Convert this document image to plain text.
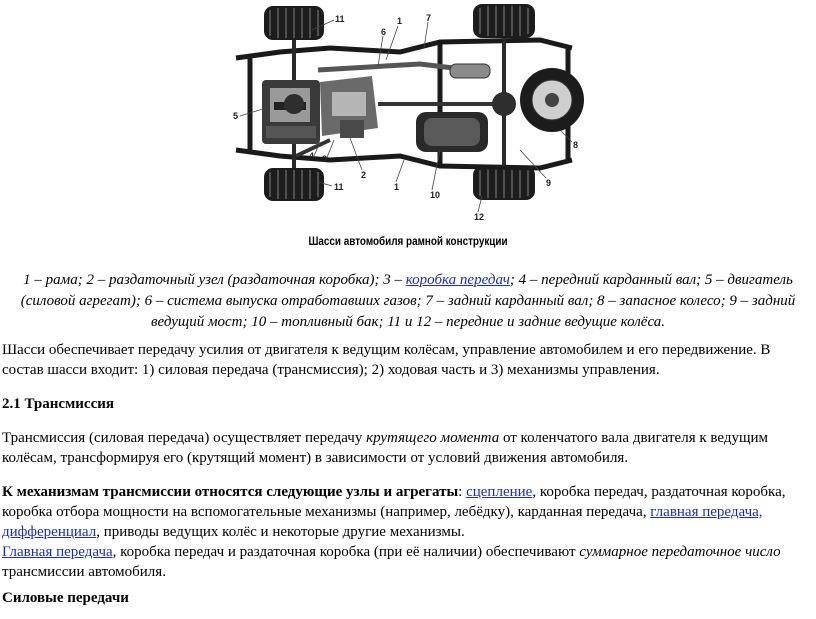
11	1	7
6
5
4 3
2
1
10
12
11
8
9
Шасси автомобиля рамной конструкции
1 – рама; 2 – раздаточный узел (раздаточная коробка); 3 – коробка передач; 4 – передний карданный вал; 5 – двигатель (силовой агрегат); 6 – система выпуска отработавших газов; 7 – задний карданный вал; 8 – запасное колесо; 9 – задний ведущий мост; 10 – топливный бак; 11 и 12 – передние и задние ведущие колёса.
Шасси обеспечивает передачу усилия от двигателя к ведущим колёсам, управление автомобилем и его передвижение. В состав шасси входит: 1) силовая передача (трансмиссия); 2) ходовая часть и 3) механизмы управления.
2.1 Трансмиссия
Трансмиссия (силовая передача) осуществляет передачу крутящего момента от коленчатого вала двигателя к ведущим колёсам, трансформируя его (крутящий момент) в зависимости от условий движения автомобиля.
К механизмам трансмиссии относятся следующие узлы и агрегаты: сцепление, коробка передач, раздаточная коробка, коробка отбора мощности на вспомогательные механизмы (например, лебёдку), карданная передача, главная передача, дифференциал, приводы ведущих колёс и некоторые другие механизмы.
Главная передача, коробка передач и раздаточная коробка (при её наличии) обеспечивают суммарное передаточное число трансмиссии автомобиля.
Силовые передачи
